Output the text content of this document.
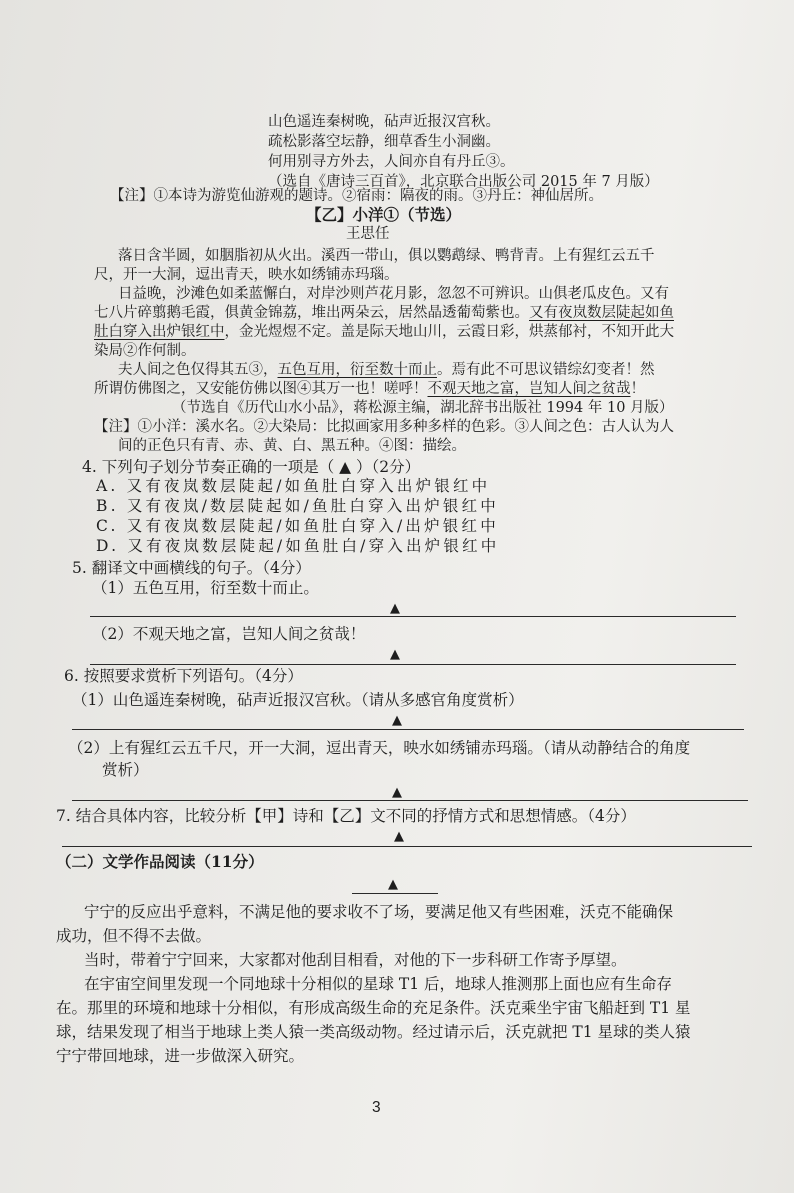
山色遥连秦树晚，砧声近报汉宫秋。
疏松影落空坛静，细草香生小洞幽。
何用别寻方外去，人间亦自有丹丘③。
（选自《唐诗三百首》，北京联合出版公司 2015 年 7 月版）
【注】①本诗为游览仙游观的题诗。②宿雨：隔夜的雨。③丹丘：神仙居所。
【乙】小洋①（节选）
王思任
落日含半圆，如胭脂初从火出。溪西一带山，俱以鹦鹉绿、鸭背青。上有猩红云五千
尺，开一大洞，逗出青天，映水如绣铺赤玛瑙。
日益晚，沙滩色如柔蓝懈白，对岸沙则芦花月影，忽忽不可辨识。山俱老瓜皮色。又有
七八片碎翦鹅毛霞，俱黄金锦荔，堆出两朵云，居然晶透葡萄紫也。又有夜岚数层陡起如鱼
肚白穿入出炉银红中，金光煜煜不定。盖是际天地山川，云霞日彩，烘蒸郁衬，不知开此大
染局②作何制。
夫人间之色仅得其五③，五色互用，衍至数十而止。焉有此不可思议错综幻变者！然
所谓仿佛图之，又安能仿佛以图④其万一也！嗟呼！不观天地之富，岂知人间之贫哉！
（节选自《历代山水小品》，蒋松源主编，湖北辞书出版社 1994 年 10 月版）
【注】①小洋：溪水名。②大染局：比拟画家用多种多样的色彩。③人间之色：古人认为人
间的正色只有青、赤、黄、白、黑五种。④图：描绘。
4. 下列句子划分节奏正确的一项是（ ▲ ）（2分）
A. 又有夜岚数层陡起/如鱼肚白穿入出炉银红中
B. 又有夜岚/数层陡起如/鱼肚白穿入出炉银红中
C. 又有夜岚数层陡起/如鱼肚白穿入/出炉银红中
D. 又有夜岚数层陡起/如鱼肚白/穿入出炉银红中
5. 翻译文中画横线的句子。（4分）
（1）五色互用，衍至数十而止。
▲
（2）不观天地之富，岂知人间之贫哉！
▲
6. 按照要求赏析下列语句。（4分）
（1）山色遥连秦树晚，砧声近报汉宫秋。（请从多感官角度赏析）
▲
（2）上有猩红云五千尺，开一大洞，逗出青天，映水如绣铺赤玛瑙。（请从动静结合的角度
赏析）
▲
7. 结合具体内容，比较分析【甲】诗和【乙】文不同的抒情方式和思想情感。（4分）
▲
（二）文学作品阅读（11分）
▲
宁宁的反应出乎意料，不满足他的要求收不了场，要满足他又有些困难，沃克不能确保
成功，但不得不去做。
当时，带着宁宁回来，大家都对他刮目相看，对他的下一步科研工作寄予厚望。
在宇宙空间里发现一个同地球十分相似的星球 T1 后，地球人推测那上面也应有生命存
在。那里的环境和地球十分相似，有形成高级生命的充足条件。沃克乘坐宇宙飞船赶到 T1 星
球，结果发现了相当于地球上类人猿一类高级动物。经过请示后，沃克就把 T1 星球的类人猿
宁宁带回地球，进一步做深入研究。
3
